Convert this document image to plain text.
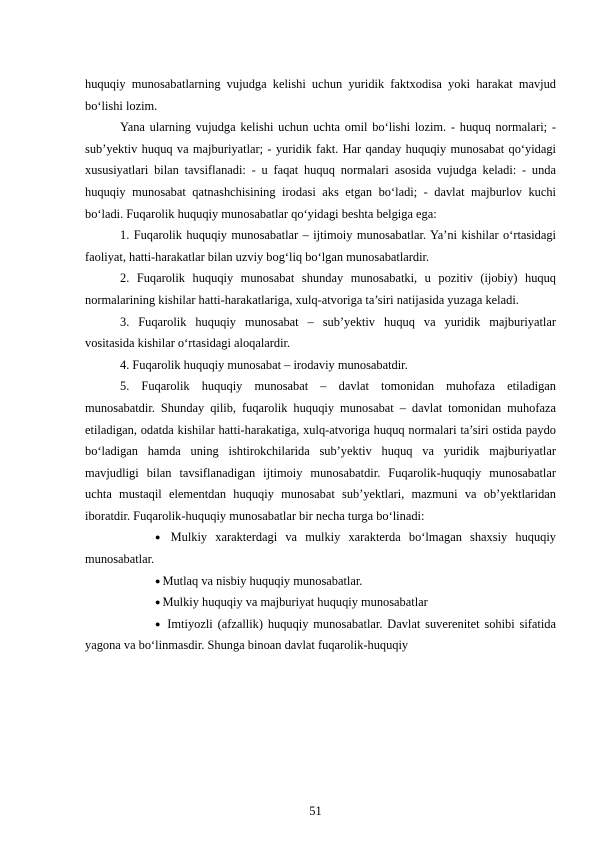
huquqiy munosabatlarning vujudga kelishi uchun yuridik faktxodisa yoki harakat mavjud bo‘lishi lozim.

Yana ularning vujudga kelishi uchun uchta omil bo‘lishi lozim. - huquq normalari; - sub’yektiv huquq va majburiyatlar; - yuridik fakt. Har qanday huquqiy munosabat qo‘yidagi xususiyatlari bilan tavsiflanadi: - u faqat huquq normalari asosida vujudga keladi: - unda huquqiy munosabat qatnashchisining irodasi aks etgan bo‘ladi; - davlat majburlov kuchi bo‘ladi. Fuqarolik huquqiy munosabatlar qo‘yidagi beshta belgiga ega:

1. Fuqarolik huquqiy munosabatlar – ijtimoiy munosabatlar. Ya’ni kishilar o‘rtasidagi faoliyat, hatti-harakatlar bilan uzviy bog‘liq bo‘lgan munosabatlardir.

2. Fuqarolik huquqiy munosabat shunday munosabatki, u pozitiv (ijobiy) huquq normalarining kishilar hatti-harakatlariga, xulq-atvoriga ta’siri natijasida yuzaga keladi.

3. Fuqarolik huquqiy munosabat – sub’yektiv huquq va yuridik majburiyatlar vositasida kishilar o‘rtasidagi aloqalardir.

4. Fuqarolik huquqiy munosabat – irodaviy munosabatdir.

5. Fuqarolik huquqiy munosabat – davlat tomonidan muhofaza etiladigan munosabatdir. Shunday qilib, fuqarolik huquqiy munosabat – davlat tomonidan muhofaza etiladigan, odatda kishilar hatti-harakatiga, xulq-atvoriga huquq normalari ta’siri ostida paydo bo‘ladigan hamda uning ishtirokchilarida sub’yektiv huquq va yuridik majburiyatlar mavjudligi bilan tavsiflanadigan ijtimoiy munosabatdir. Fuqarolik-huquqiy munosabatlar uchta mustaqil elementdan huquqiy munosabat sub’yektlari, mazmuni va ob’yektlaridan iboratdir. Fuqarolik-huquqiy munosabatlar bir necha turga bo‘linadi:

● Mulkiy xarakterdagi va mulkiy xarakterda bo‘lmagan shaxsiy huquqiy munosabatlar.

● Mutlaq va nisbiy huquqiy munosabatlar.

● Mulkiy huquqiy va majburiyat huquqiy munosabatlar

● Imtiyozli (afzallik) huquqiy munosabatlar. Davlat suverenitet sohibi sifatida yagona va bo‘linmasdir. Shunga binoan davlat fuqarolik-huquqiy

51
